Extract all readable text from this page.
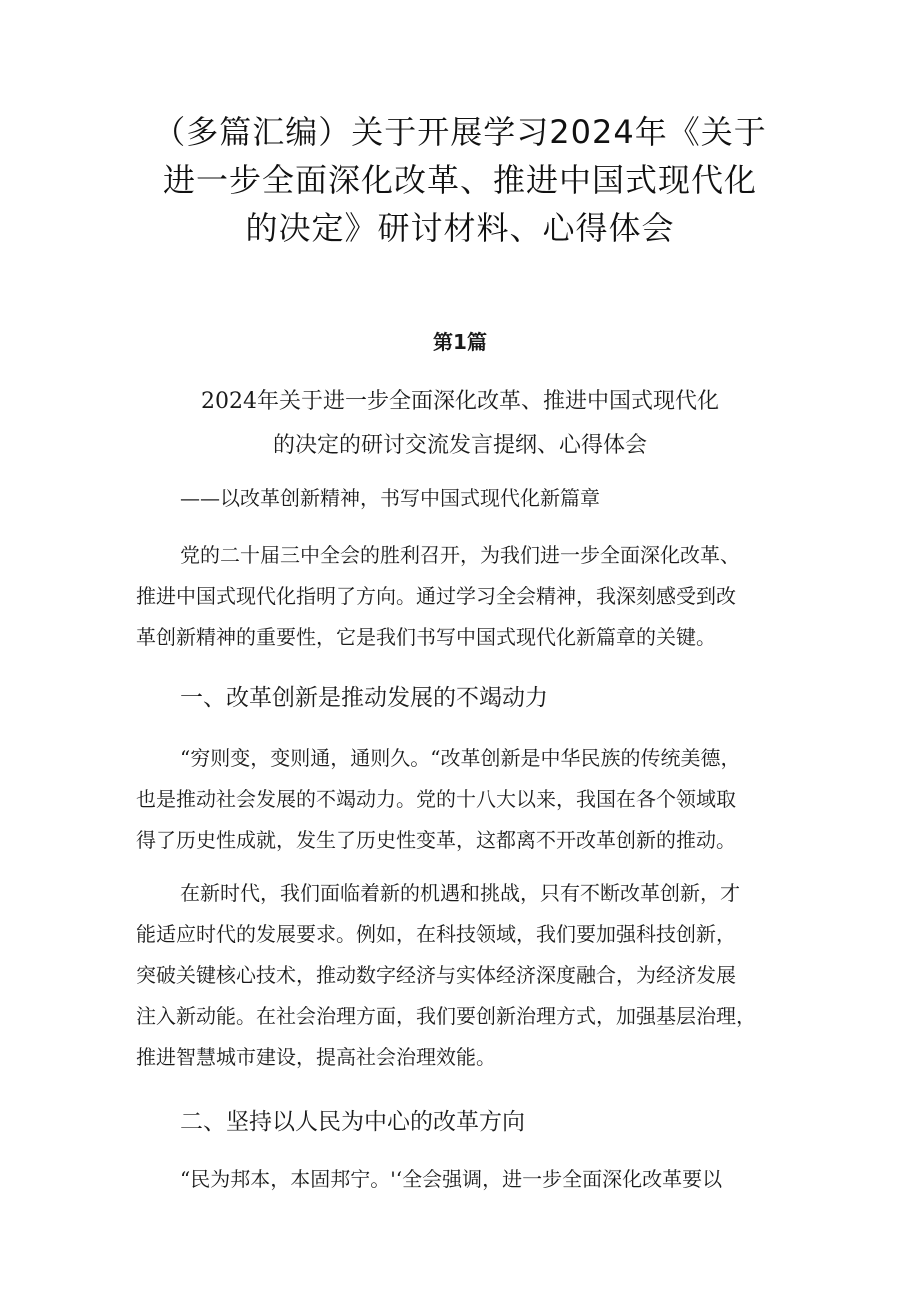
（多篇汇编）关于开展学习2024年《关于
进一步全面深化改革、推进中国式现代化
的决定》研讨材料、心得体会
第1篇
2024年关于进一步全面深化改革、推进中国式现代化
的决定的研讨交流发言提纲、心得体会
——以改革创新精神，书写中国式现代化新篇章
党的二十届三中全会的胜利召开，为我们进一步全面深化改革、
推进中国式现代化指明了方向。通过学习全会精神，我深刻感受到改
革创新精神的重要性，它是我们书写中国式现代化新篇章的关键。
一、改革创新是推动发展的不竭动力
“穷则变，变则通，通则久。“改革创新是中华民族的传统美德，
也是推动社会发展的不竭动力。党的十八大以来，我国在各个领域取
得了历史性成就，发生了历史性变革，这都离不开改革创新的推动。
在新时代，我们面临着新的机遇和挑战，只有不断改革创新，才
能适应时代的发展要求。例如，在科技领域，我们要加强科技创新，
突破关键核心技术，推动数字经济与实体经济深度融合，为经济发展
注入新动能。在社会治理方面，我们要创新治理方式，加强基层治理，
推进智慧城市建设，提高社会治理效能。
二、坚持以人民为中心的改革方向
“民为邦本，本固邦宁。'‘全会强调，进一步全面深化改革要以
